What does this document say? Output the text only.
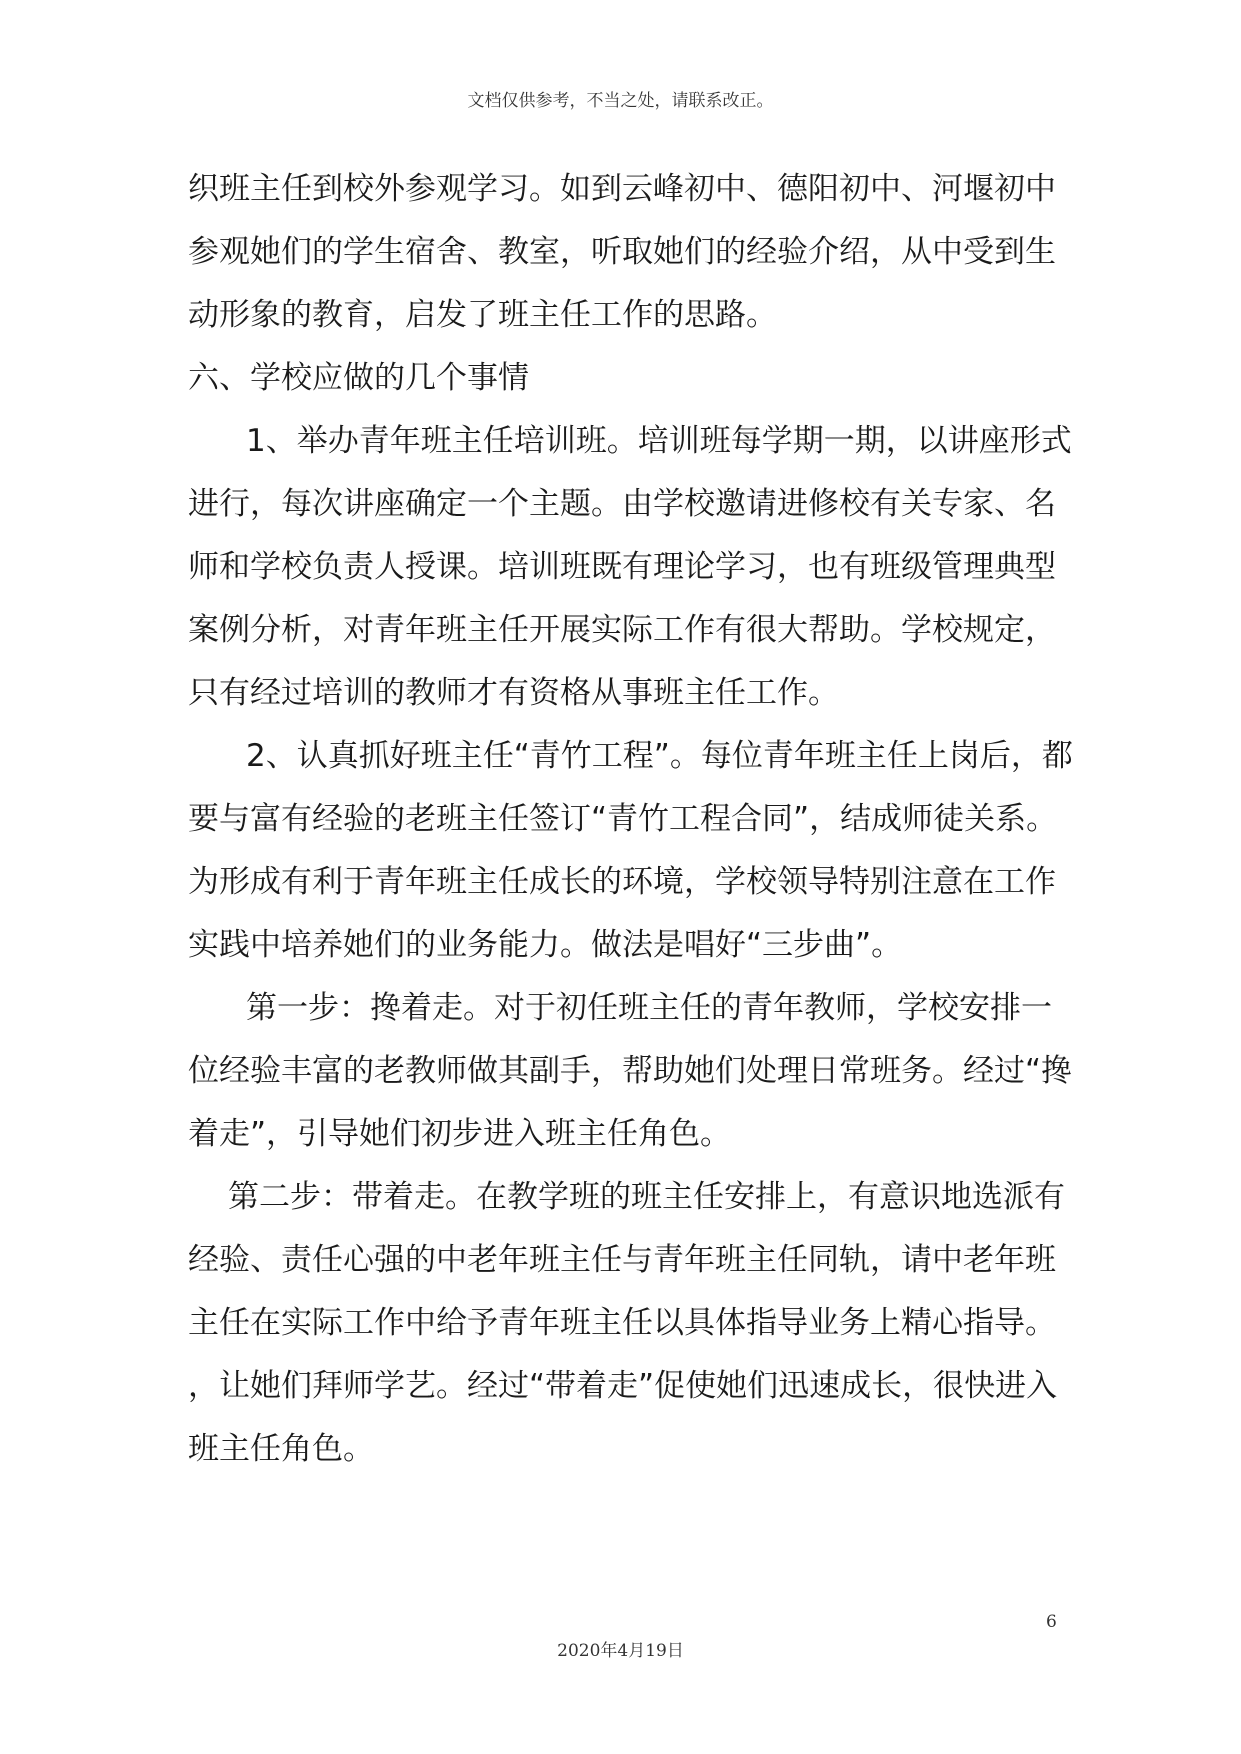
文档仅供参考，不当之处，请联系改正。
织班主任到校外参观学习。如到云峰初中、德阳初中、河堰初中
参观她们的学生宿舍、教室，听取她们的经验介绍，从中受到生
动形象的教育，启发了班主任工作的思路。
六、学校应做的几个事情
1、举办青年班主任培训班。培训班每学期一期，以讲座形式
进行，每次讲座确定一个主题。由学校邀请进修校有关专家、名
师和学校负责人授课。培训班既有理论学习，也有班级管理典型
案例分析，对青年班主任开展实际工作有很大帮助。学校规定，
只有经过培训的教师才有资格从事班主任工作。
2、认真抓好班主任“青竹工程”。每位青年班主任上岗后，都
要与富有经验的老班主任签订“青竹工程合同”，结成师徒关系。
为形成有利于青年班主任成长的环境，学校领导特别注意在工作
实践中培养她们的业务能力。做法是唱好“三步曲”。
第一步：搀着走。对于初任班主任的青年教师，学校安排一
位经验丰富的老教师做其副手，帮助她们处理日常班务。经过“搀
着走”，引导她们初步进入班主任角色。
第二步：带着走。在教学班的班主任安排上，有意识地选派有
经验、责任心强的中老年班主任与青年班主任同轨，请中老年班
主任在实际工作中给予青年班主任以具体指导业务上精心指导。
，让她们拜师学艺。经过“带着走”促使她们迅速成长，很快进入
班主任角色。
6
2020年4月19日
